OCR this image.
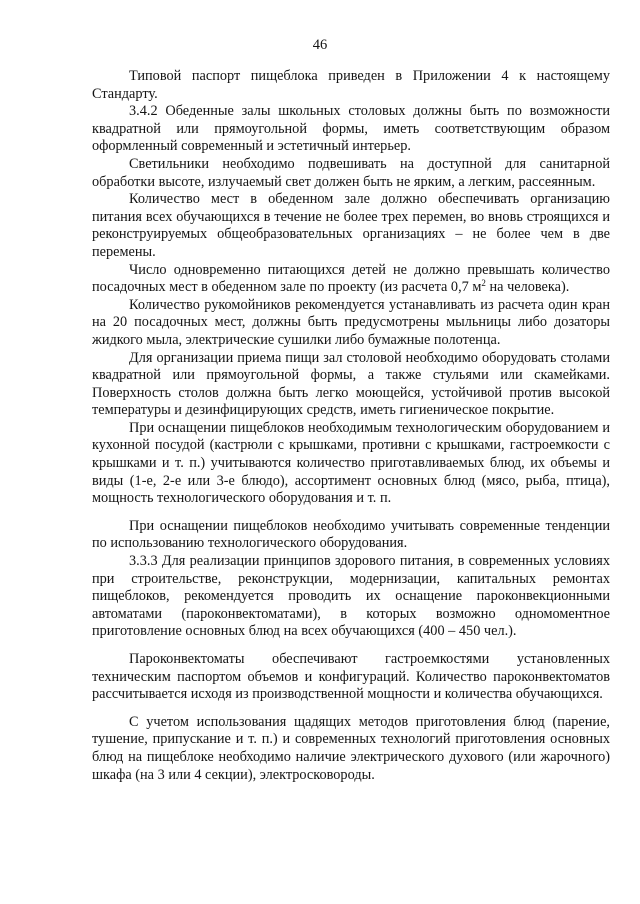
46

Типовой паспорт пищеблока приведен в Приложении 4 к настоящему Стандарту.

3.4.2 Обеденные залы школьных столовых должны быть по возможности квадратной или прямоугольной формы, иметь соответствующим образом оформленный современный и эстетичный интерьер.

Светильники необходимо подвешивать на доступной для санитарной обработки высоте, излучаемый свет должен быть не ярким, а легким, рассеянным.

Количество мест в обеденном зале должно обеспечивать организацию питания всех обучающихся в течение не более трех перемен, во вновь строящихся и реконструируемых общеобразовательных организациях – не более чем в две перемены.

Число одновременно питающихся детей не должно превышать количество посадочных мест в обеденном зале по проекту (из расчета 0,7 $м^2$ на человека).

Количество рукомойников рекомендуется устанавливать из расчета один кран на 20 посадочных мест, должны быть предусмотрены мыльницы либо дозаторы жидкого мыла, электрические сушилки либо бумажные полотенца.

Для организации приема пищи зал столовой необходимо оборудовать столами квадратной или прямоугольной формы, а также стульями или скамейками. Поверхность столов должна быть легко моющейся, устойчивой против высокой температуры и дезинфицирующих средств, иметь гигиеническое покрытие.

При оснащении пищеблоков необходимым технологическим оборудованием и кухонной посудой (кастрюли с крышками, противни с крышками, гастроемкости с крышками и т. п.) учитываются количество приготавливаемых блюд, их объемы и виды (1-е, 2-е или 3-е блюдо), ассортимент основных блюд (мясо, рыба, птица), мощность технологического оборудования и т. п.

При оснащении пищеблоков необходимо учитывать современные тенденции по использованию технологического оборудования.

3.3.3 Для реализации принципов здорового питания, в современных условиях при строительстве, реконструкции, модернизации, капитальных ремонтах пищеблоков, рекомендуется проводить их оснащение пароконвекционными автоматами (пароконвектоматами), в которых возможно одномоментное приготовление основных блюд на всех обучающихся (400 – 450 чел.).

Пароконвектоматы обеспечивают гастроемкостями установленных техническим паспортом объемов и конфигураций. Количество пароконвектоматов рассчитывается исходя из производственной мощности и количества обучающихся.

С учетом использования щадящих методов приготовления блюд (парение, тушение, припускание и т. п.) и современных технологий приготовления основных блюд на пищеблоке необходимо наличие электрического духового (или жарочного) шкафа (на 3 или 4 секции), электросковороды.
